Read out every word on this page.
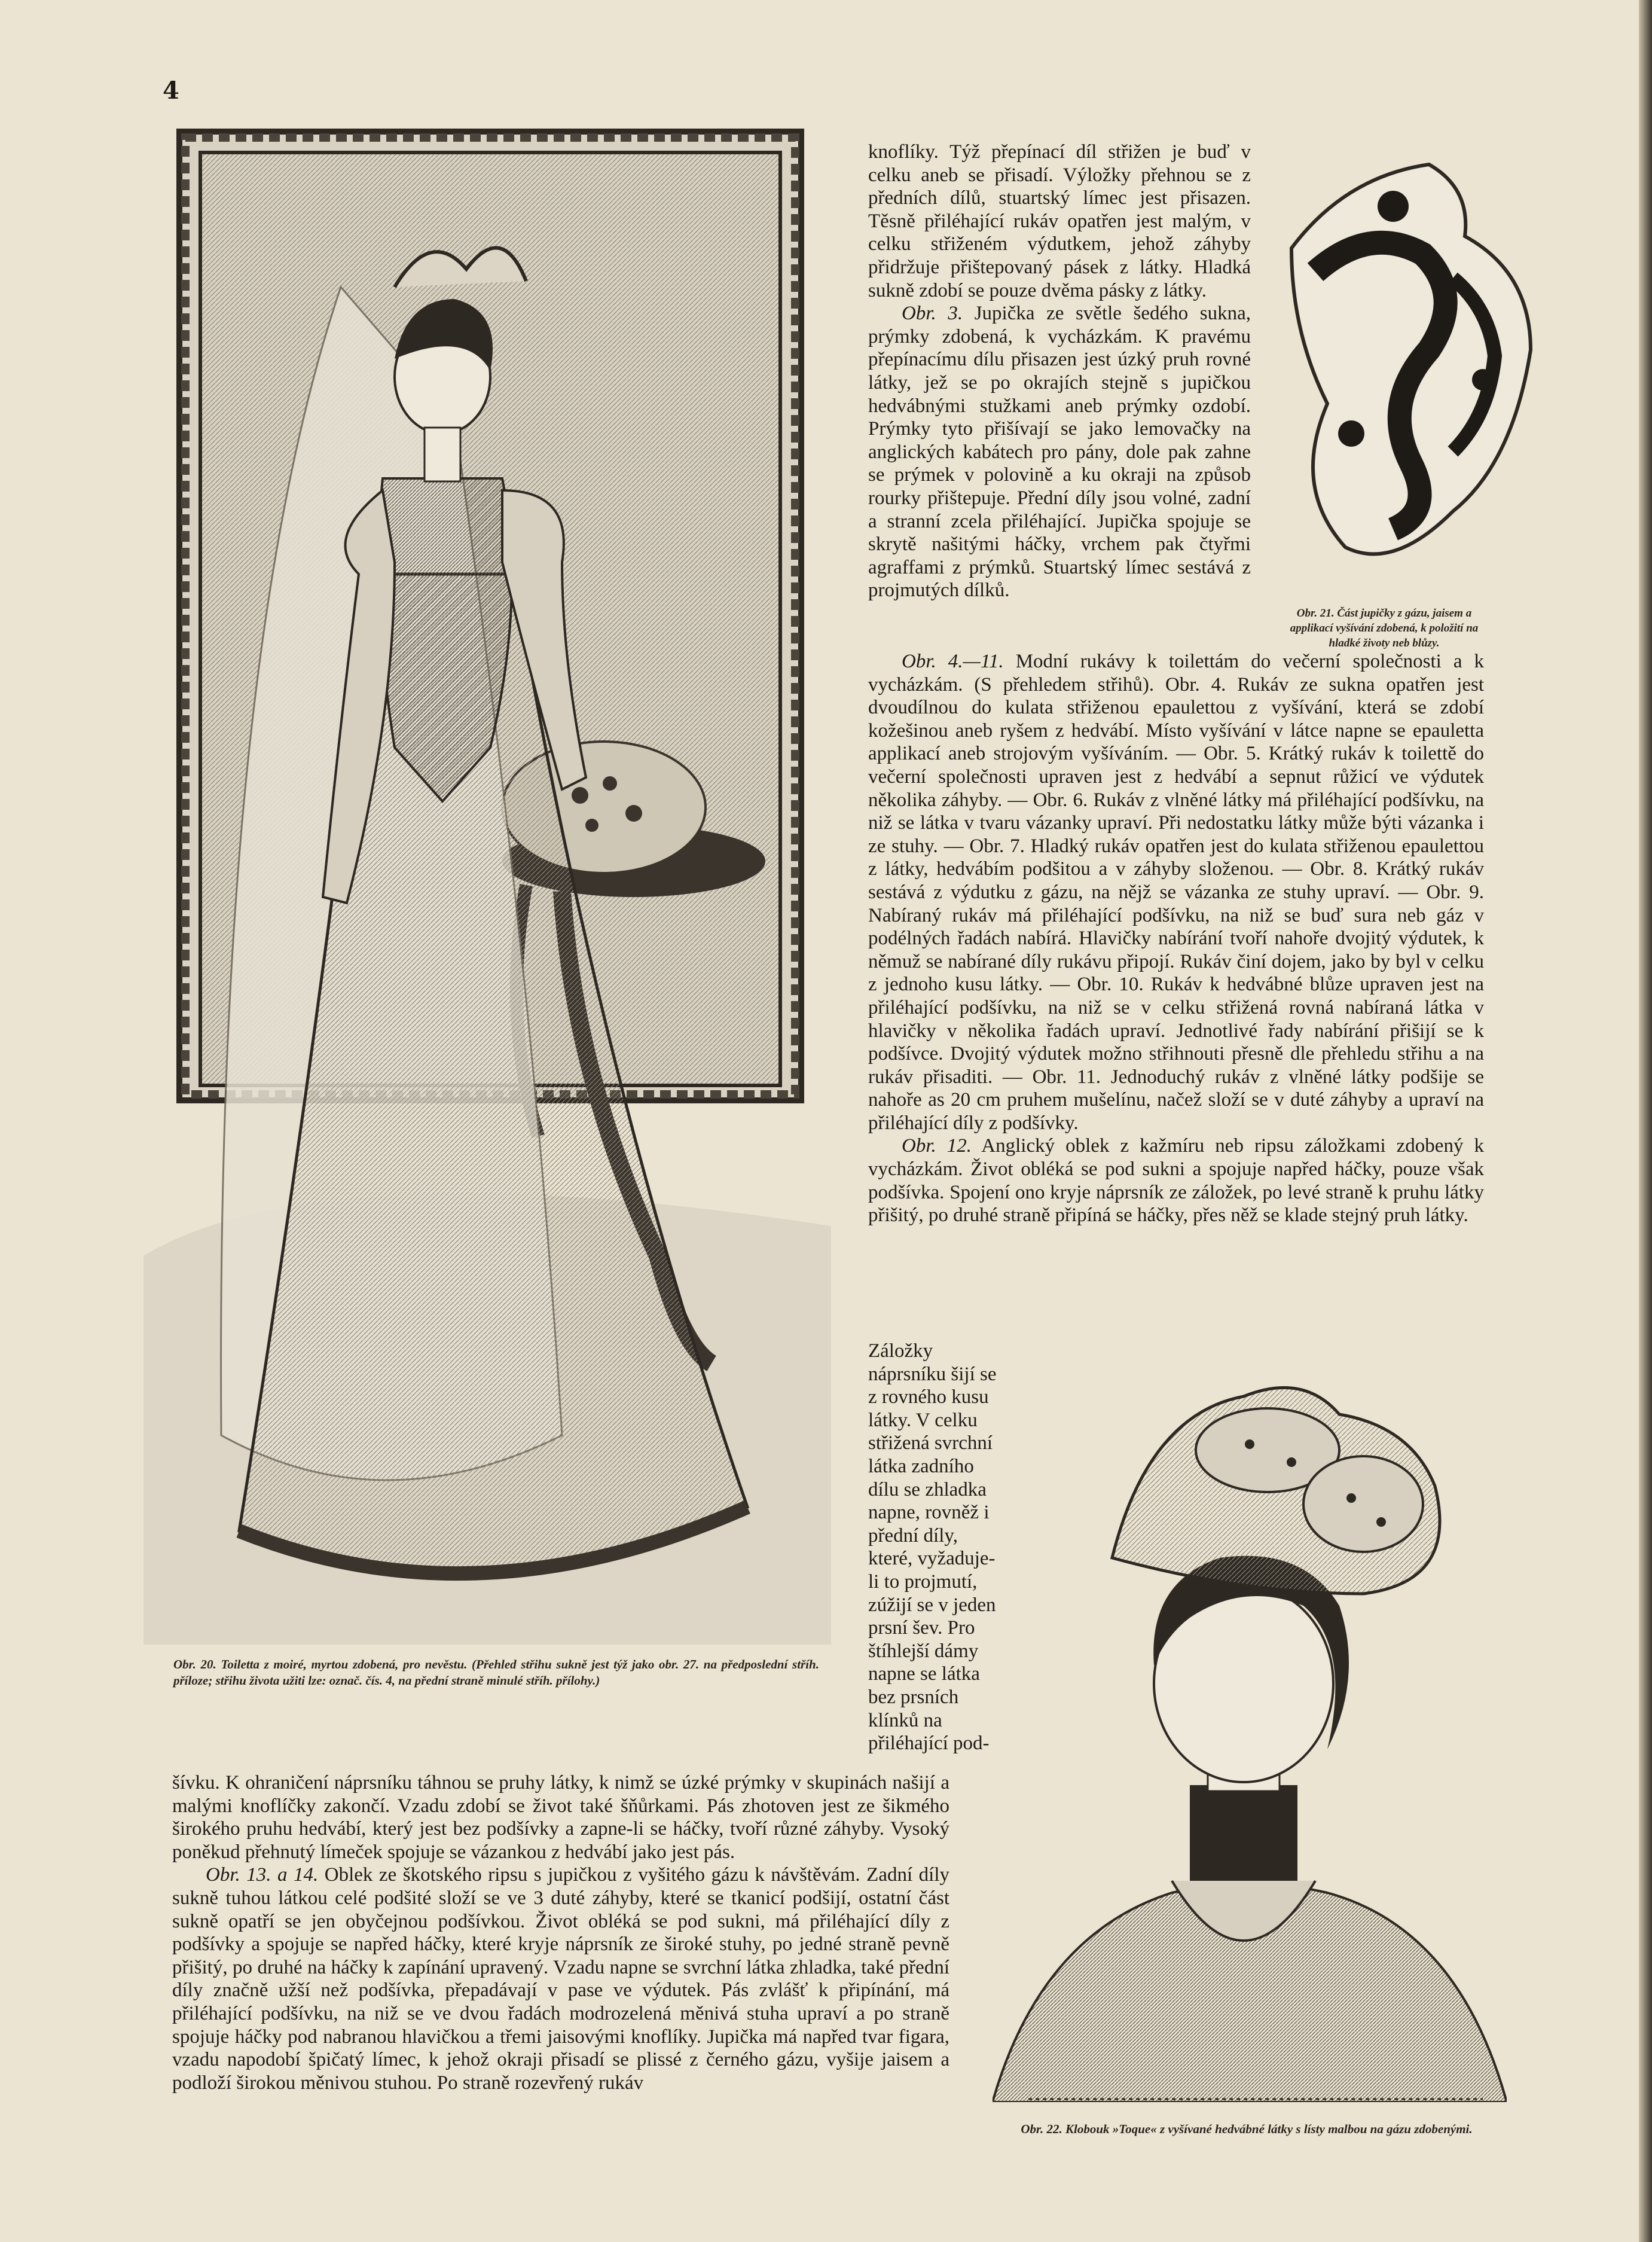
4
Obr. 20. Toiletta z moiré, myrtou zdobená, pro nevěstu. (Přehled střihu sukně jest týž jako obr. 27. na předposlední stříh. příloze; střihu života užiti lze: označ. čís. 4, na přední straně minulé stříh. přílohy.)
Obr. 21. Část jupičky z gázu, jaisem a applikací vyšívání zdobená, k položití na hladké životy neb blůzy.
Obr. 22. Klobouk »Toque« z vyšívané hedvábné látky s lísty malbou na gázu zdobenými.

knoflíky. Týž přepínací díl střižen je buď v celku aneb se přisadí. Výložky přehnou se z předních dílů, stuartský límec jest přisazen. Těsně přiléhající rukáv opatřen jest malým, v celku střiženém výdutkem, jehož záhyby přidržuje přištepovaný pásek z látky. Hladká sukně zdobí se pouze dvěma pásky z látky.

Obr. 3. Jupička ze světle šedého sukna, prýmky zdobená, k vycházkám. K pravému přepínacímu dílu přisazen jest úzký pruh rovné látky, jež se po okrajích stejně s jupičkou hedvábnými stužkami aneb prýmky ozdobí. Prýmky tyto přišívají se jako lemovačky na anglických kabátech pro pány, dole pak zahne se prýmek v polovině a ku okraji na způsob rourky přištepuje. Přední díly jsou volné, zadní a stranní zcela přiléhající. Jupička spojuje se skrytě našitými háčky, vrchem pak čtyřmi agraffami z prýmků. Stuartský límec sestává z projmutých dílků.

Obr. 4.—11. Modní rukávy k toilettám do večerní společnosti a k vycházkám. (S přehledem střihů). Obr. 4. Rukáv ze sukna opatřen jest dvoudílnou do kulata střiženou epaulettou z vyšívání, která se zdobí kožešinou aneb ryšem z hedvábí. Místo vyšívání v látce napne se epauletta applikací aneb strojovým vyšíváním. — Obr. 5. Krátký rukáv k toilettě do večerní společnosti upraven jest z hedvábí a sepnut růžicí ve výdutek několika záhyby. — Obr. 6. Rukáv z vlněné látky má přiléhající podšívku, na niž se látka v tvaru vázanky upraví. Při nedostatku látky může býti vázanka i ze stuhy. — Obr. 7. Hladký rukáv opatřen jest do kulata střiženou epaulettou z látky, hedvábím podšitou a v záhyby složenou. — Obr. 8. Krátký rukáv sestává z výdutku z gázu, na nějž se vázanka ze stuhy upraví. — Obr. 9. Nabíraný rukáv má přiléhající podšívku, na niž se buď sura neb gáz v podélných řadách nabírá. Hlavičky nabírání tvoří nahoře dvojitý výdutek, k němuž se nabírané díly rukávu připojí. Rukáv činí dojem, jako by byl v celku z jednoho kusu látky. — Obr. 10. Rukáv k hedvábné blůze upraven jest na přiléhající podšívku, na niž se v celku střižená rovná nabíraná látka v hlavičky v několika řadách upraví. Jednotlivé řady nabírání přišijí se k podšívce. Dvojitý výdutek možno střihnouti přesně dle přehledu střihu a na rukáv přisaditi. — Obr. 11. Jednoduchý rukáv z vlněné látky podšije se nahoře as 20 cm pruhem mušelínu, načež složí se v duté záhyby a upraví na přiléhající díly z podšívky.

Obr. 12. Anglický oblek z kažmíru neb ripsu záložkami zdobený k vycházkám. Život obléká se pod sukni a spojuje napřed háčky, pouze však podšívka. Spojení ono kryje náprsník ze záložek, po levé straně k pruhu látky přišitý, po druhé straně připíná se háčky, přes něž se klade stejný pruh látky.

Záložky náprsníku šijí se z rovného kusu látky. V celku střižená svrchní látka zadního dílu se zhladka napne, rovněž i přední díly, které, vyžaduje-li to projmutí, zúžijí se v jeden prsní šev. Pro štíhlejší dámy napne se látka bez prsních klínků na přiléhající pod-

šívku. K ohraničení náprsníku táhnou se pruhy látky, k nimž se úzké prýmky v skupinách našijí a malými knoflíčky zakončí. Vzadu zdobí se život také šňůrkami. Pás zhotoven jest ze šikmého širokého pruhu hedvábí, který jest bez podšívky a zapne-li se háčky, tvoří různé záhyby. Vysoký poněkud přehnutý límeček spojuje se vázankou z hedvábí jako jest pás.

Obr. 13. a 14. Oblek ze škotského ripsu s jupičkou z vyšitého gázu k návštěvám. Zadní díly sukně tuhou látkou celé podšité složí se ve 3 duté záhyby, které se tkanicí podšijí, ostatní část sukně opatří se jen obyčejnou podšívkou. Život obléká se pod sukni, má přiléhající díly z podšívky a spojuje se napřed háčky, které kryje náprsník ze široké stuhy, po jedné straně pevně přišitý, po druhé na háčky k zapínání upravený. Vzadu napne se svrchní látka zhladka, také přední díly značně užší než podšívka, přepadávají v pase ve výdutek. Pás zvlášť k připínání, má přiléhající podšívku, na niž se ve dvou řadách modrozelená měnivá stuha upraví a po straně spojuje háčky pod nabranou hlavičkou a třemi jaisovými knoflíky. Jupička má napřed tvar figara, vzadu napodobí špičatý límec, k jehož okraji přisadí se plissé z černého gázu, vyšije jaisem a podloží širokou měnivou stuhou. Po straně rozevřený rukáv
